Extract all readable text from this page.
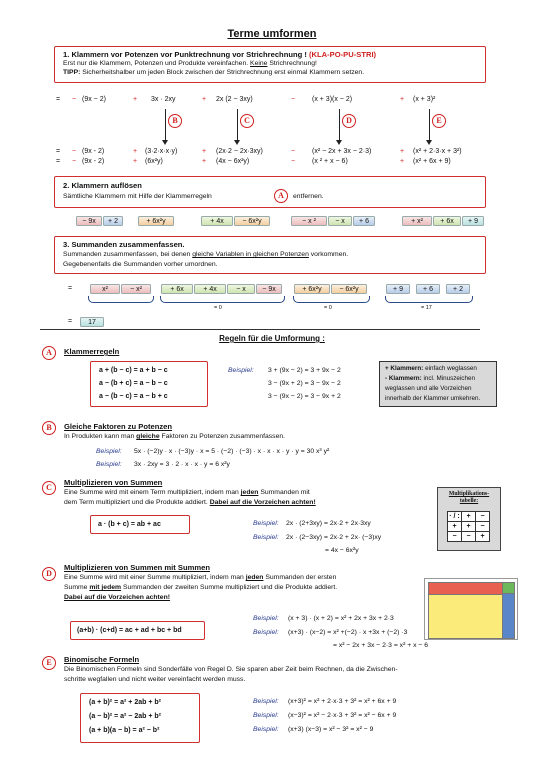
Terme umformen
1. Klammern vor Potenzen vor Punktrechnung vor Strichrechnung ! (KLA-PO-PU-STRI)
Erst nur die Klammern, Potenzen und Produkte vereinfachen. Keine Strichrechnung!
TIPP: Sicherheitshalber um jeden Block zwischen der Strichrechnung erst einmal Klammern setzen.
= − (9x − 2)	+ 3x · 2xy	+ 2x (2 − 3xy)	− (x + 3)(x − 2)	+ (x + 3)²
B	C	D	E
= − (9x - 2)	+ (3·2·x·x·y)	+ (2x·2 − 2x·3xy)	− (x² − 2x + 3x − 2·3)	+ (x² + 2·3·x + 3²)
= − (9x - 2)	+ (6x²y)	+ (4x − 6x²y)	− (x ² + x − 6)	+ (x² + 6x + 9)
2. Klammern auflösen
Sämtliche Klammern mit Hilfe der Klammerregeln	A	entfernen.
− 9x	+ 2	+ 6x²y	+ 4x	− 6x²y	− x ²	− x	+ 6	+ x²	+ 6x	+ 9
3. Summanden zusammenfassen.
Summanden zusammenfassen, bei denen gleiche Variablen in gleichen Potenzen vorkommen.
Gegebenenfalls die Summanden vorher umordnen.
=	x²	− x²	+ 6x	+ 4x	− x	− 9x	+ 6x²y	− 6x²y	+ 9	+ 6	+ 2
= 0	= 0	= 17
=	17
Regeln für die Umformung :
A	Klammerregeln
a + (b − c) = a + b − c
a − (b + c) = a − b − c
a − (b − c) = a − b + c
Beispiel: 3 + (9x − 2) = 3 + 9x − 2
3 − (9x + 2) = 3 − 9x − 2
3 − (9x − 2) = 3 − 9x + 2
+ Klammern: einfach weglassen
- Klammern: incl. Minuszeichen
weglassen und alle Vorzeichen
innerhalb der Klammer umkehren.
B	Gleiche Faktoren zu Potenzen
In Produkten kann man gleiche Faktoren zu Potenzen zusammenfassen.
Beispiel: 5x · (−2)y · x · (−3)y · x = 5 · (−2) · (−3) · x · x · x · y · y = 30 x³ y²
Beispiel: 3x · 2xy = 3 · 2 · x · x · y = 6 x²y
C
Multiplizieren von Summen
Eine Summe wird mit einem Term multipliziert, indem man jeden Summanden mit
dem Term multipliziert und die Produkte addiert. Dabei auf die Vorzeichen achten!
a · (b + c) = ab + ac	Beispiel: 2x · (2+3xy) = 2x·2 + 2x·3xy
Beispiel: 2x · (2−3xy) = 2x·2 + 2x· (−3)xy
= 4x − 6x²y
Multiplikations-tabelle:
· / :	+	−
+	+	−
−	−	+
D
Multiplizieren von Summen mit Summen
Eine Summe wird mit einer Summe multipliziert, indem man jeden Summanden der ersten
Summe mit jedem Summanden der zweiten Summe multipliziert und die Produkte addiert.
Dabei auf die Vorzeichen achten!
(a+b) · (c+d) = ac + ad + bc + bd
Beispiel: (x + 3) · (x + 2) = x² + 2x + 3x + 2·3
Beispiel: (x+3) · (x−2) = x² +(−2) · x +3x + (−2) ·3
= x² − 2x + 3x − 2·3 = x² + x − 6
E	Binomische Formeln
Die Binomischen Formeln sind Sonderfälle von Regel D. Sie sparen aber Zeit beim Rechnen, da die Zwischen-
schritte wegfallen und nicht weiter vereinfacht werden muss.
(a + b)² = a² + 2ab + b²
(a − b)² = a² − 2ab + b²
(a + b)(a − b) = a² − b²
Beispiel: (x+3)² = x² + 2·x·3 + 3² = x² + 6x + 9
Beispiel: (x−3)² = x² − 2·x·3 + 3² = x² − 6x + 9
Beispiel: (x+3) (x−3) = x² − 3² = x² − 9
